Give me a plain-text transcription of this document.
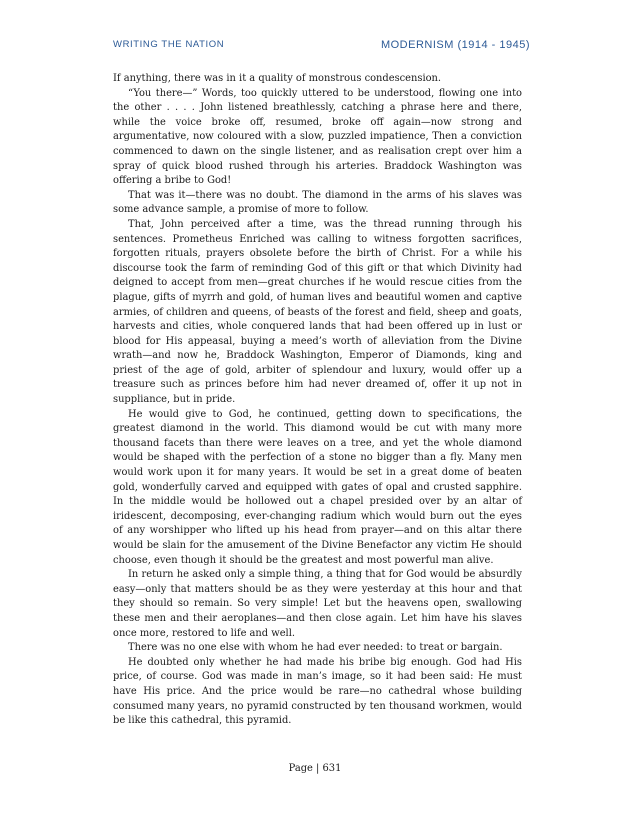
WRITING THE NATION	MODERNISM (1914 - 1945)

If anything, there was in it a quality of monstrous condescension.

“You there—” Words, too quickly uttered to be understood, flowing one into the other . . . . John listened breathlessly, catching a phrase here and there, while the voice broke off, resumed, broke off again—now strong and argumentative, now coloured with a slow, puzzled impatience, Then a conviction commenced to dawn on the single listener, and as realisation crept over him a spray of quick blood rushed through his arteries. Braddock Washington was offering a bribe to God!

That was it—there was no doubt. The diamond in the arms of his slaves was some advance sample, a promise of more to follow.

That, John perceived after a time, was the thread running through his sentences. Prometheus Enriched was calling to witness forgotten sacrifices, forgotten rituals, prayers obsolete before the birth of Christ. For a while his discourse took the farm of reminding God of this gift or that which Divinity had deigned to accept from men—great churches if he would rescue cities from the plague, gifts of myrrh and gold, of human lives and beautiful women and captive armies, of children and queens, of beasts of the forest and field, sheep and goats, harvests and cities, whole conquered lands that had been offered up in lust or blood for His appeasal, buying a meed’s worth of alleviation from the Divine wrath—and now he, Braddock Washington, Emperor of Diamonds, king and priest of the age of gold, arbiter of splendour and luxury, would offer up a treasure such as princes before him had never dreamed of, offer it up not in suppliance, but in pride.

He would give to God, he continued, getting down to specifications, the greatest diamond in the world. This diamond would be cut with many more thousand facets than there were leaves on a tree, and yet the whole diamond would be shaped with the perfection of a stone no bigger than a fly. Many men would work upon it for many years. It would be set in a great dome of beaten gold, wonderfully carved and equipped with gates of opal and crusted sapphire. In the middle would be hollowed out a chapel presided over by an altar of iridescent, decomposing, ever-changing radium which would burn out the eyes of any worshipper who lifted up his head from prayer—and on this altar there would be slain for the amusement of the Divine Benefactor any victim He should choose, even though it should be the greatest and most powerful man alive.

In return he asked only a simple thing, a thing that for God would be absurdly easy—only that matters should be as they were yesterday at this hour and that they should so remain. So very simple! Let but the heavens open, swallowing these men and their aeroplanes—and then close again. Let him have his slaves once more, restored to life and well.

There was no one else with whom he had ever needed: to treat or bargain.

He doubted only whether he had made his bribe big enough. God had His price, of course. God was made in man’s image, so it had been said: He must have His price. And the price would be rare—no cathedral whose building consumed many years, no pyramid constructed by ten thousand workmen, would be like this cathedral, this pyramid.

Page | 631
